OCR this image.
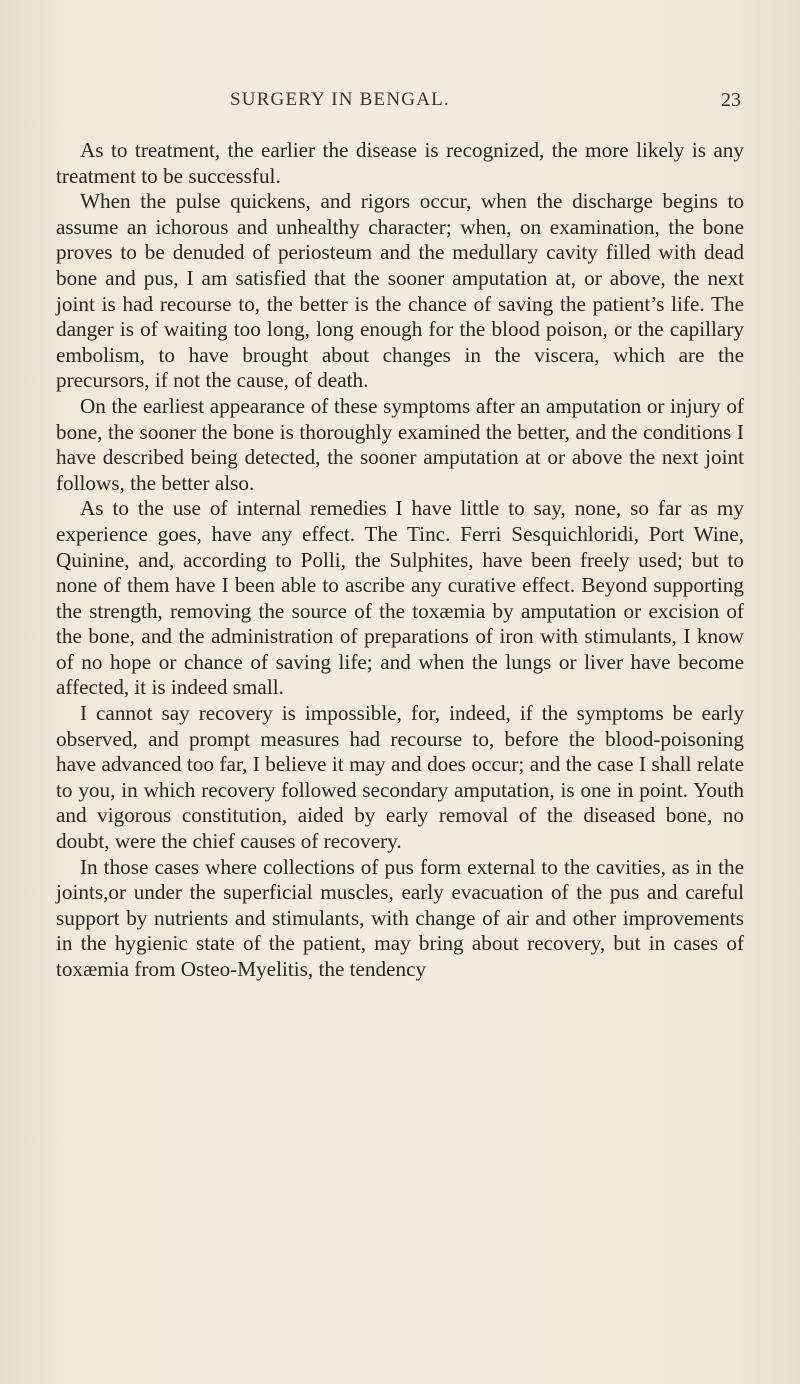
SURGERY IN BENGAL.	23

As to treatment, the earlier the disease is recognized, the more likely is any treatment to be successful.

When the pulse quickens, and rigors occur, when the discharge begins to assume an ichorous and unhealthy character; when, on examination, the bone proves to be denuded of periosteum and the medullary cavity filled with dead bone and pus, I am satisfied that the sooner amputation at, or above, the next joint is had recourse to, the better is the chance of saving the patient’s life. The danger is of waiting too long, long enough for the blood poison, or the capillary embolism, to have brought about changes in the viscera, which are the precursors, if not the cause, of death.

On the earliest appearance of these symptoms after an amputation or injury of bone, the sooner the bone is thoroughly examined the better, and the conditions I have described being detected, the sooner amputation at or above the next joint follows, the better also.

As to the use of internal remedies I have little to say, none, so far as my experience goes, have any effect. The Tinc. Ferri Sesquichloridi, Port Wine, Quinine, and, according to Polli, the Sulphites, have been freely used; but to none of them have I been able to ascribe any curative effect. Beyond supporting the strength, removing the source of the toxæmia by amputation or excision of the bone, and the administration of preparations of iron with stimulants, I know of no hope or chance of saving life; and when the lungs or liver have become affected, it is indeed small.

I cannot say recovery is impossible, for, indeed, if the symptoms be early observed, and prompt measures had recourse to, before the blood-poisoning have advanced too far, I believe it may and does occur; and the case I shall relate to you, in which recovery followed secondary amputation, is one in point. Youth and vigorous constitution, aided by early removal of the diseased bone, no doubt, were the chief causes of recovery.

In those cases where collections of pus form external to the cavities, as in the joints,or under the superficial muscles, early evacuation of the pus and careful support by nutrients and stimulants, with change of air and other improvements in the hygienic state of the patient, may bring about recovery, but in cases of toxæmia from Osteo-Myelitis, the tendency
